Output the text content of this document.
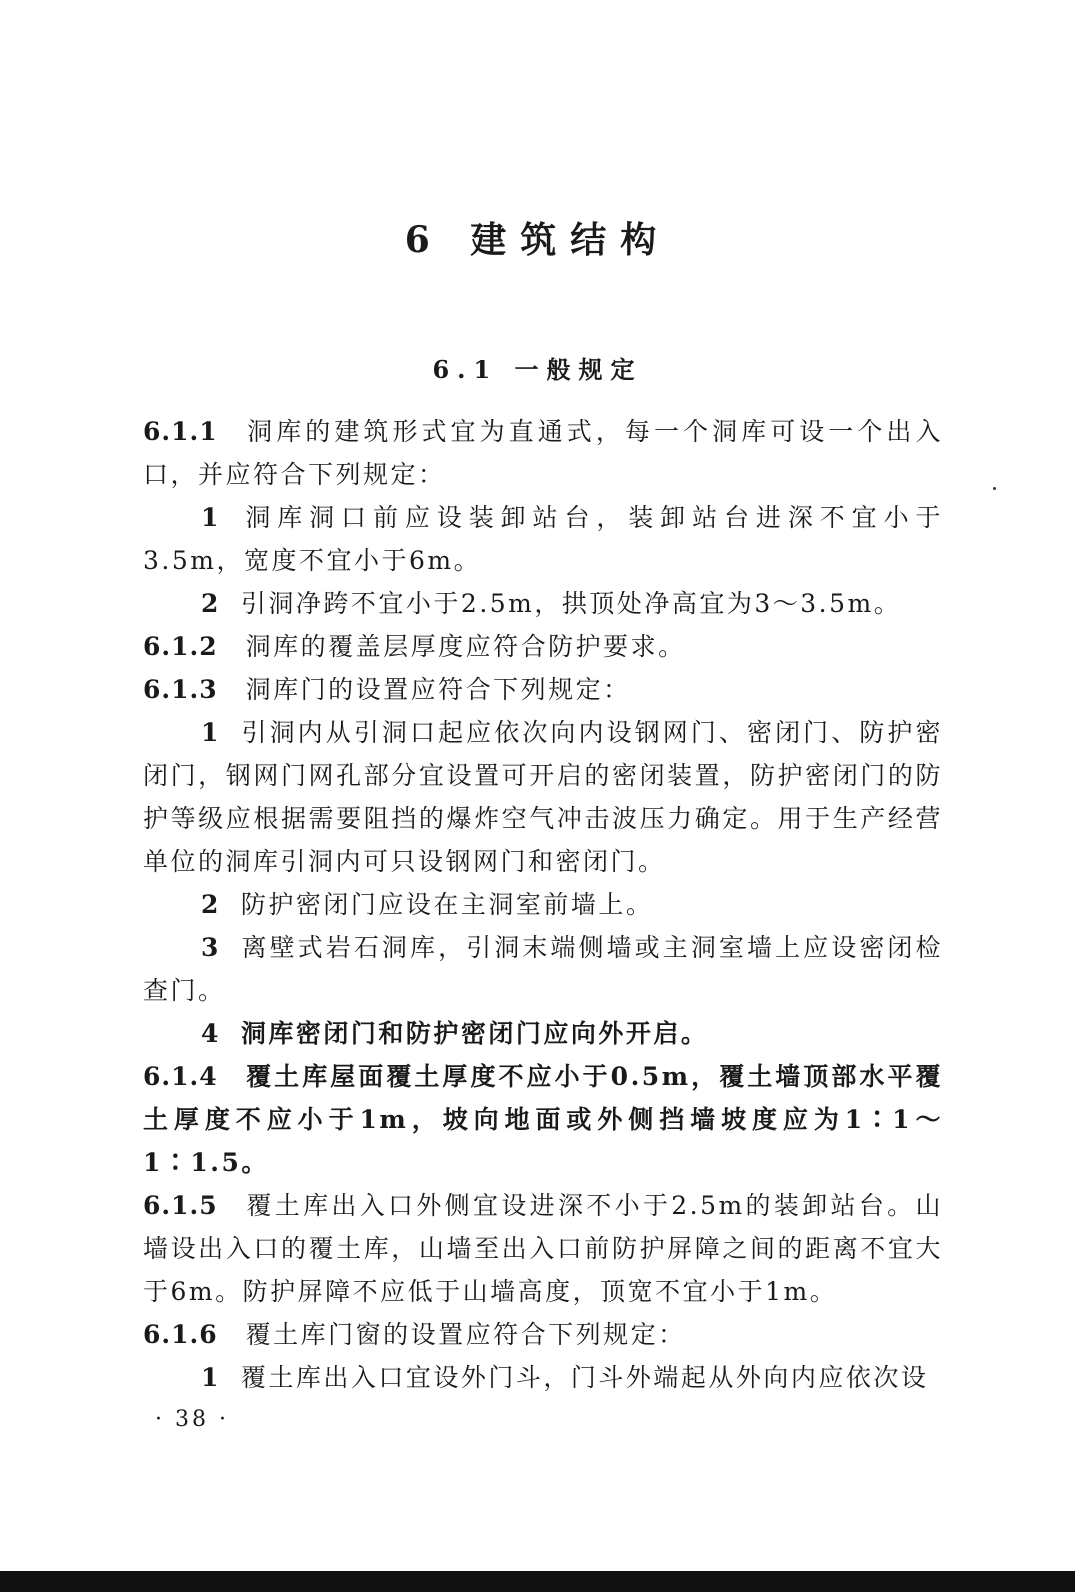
6 建筑结构
6.1 一般规定

6.1.1 洞库的建筑形式宜为直通式，每一个洞库可设一个出入口，并应符合下列规定：

1 洞库洞口前应设装卸站台，装卸站台进深不宜小于3.5m，宽度不宜小于6m。

2 引洞净跨不宜小于2.5m，拱顶处净高宜为3～3.5m。

6.1.2 洞库的覆盖层厚度应符合防护要求。

6.1.3 洞库门的设置应符合下列规定：

1 引洞内从引洞口起应依次向内设钢网门、密闭门、防护密闭门，钢网门网孔部分宜设置可开启的密闭装置，防护密闭门的防护等级应根据需要阻挡的爆炸空气冲击波压力确定。用于生产经营单位的洞库引洞内可只设钢网门和密闭门。

2 防护密闭门应设在主洞室前墙上。

3 离壁式岩石洞库，引洞末端侧墙或主洞室墙上应设密闭检查门。

4 洞库密闭门和防护密闭门应向外开启。

6.1.4 覆土库屋面覆土厚度不应小于0.5m，覆土墙顶部水平覆土厚度不应小于1m，坡向地面或外侧挡墙坡度应为1∶1～1∶1.5。

6.1.5 覆土库出入口外侧宜设进深不小于2.5m的装卸站台。山墙设出入口的覆土库，山墙至出入口前防护屏障之间的距离不宜大于6m。防护屏障不应低于山墙高度，顶宽不宜小于1m。

6.1.6 覆土库门窗的设置应符合下列规定：

1 覆土库出入口宜设外门斗，门斗外端起从外向内应依次设

· 38 ·
